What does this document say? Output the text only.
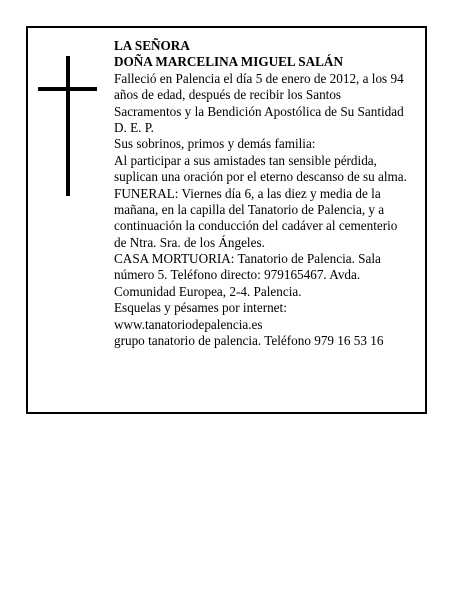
LA SEÑORA
DOÑA MARCELINA MIGUEL SALÁN
Falleció en Palencia el día 5 de enero de 2012, a los 94
años de edad, después de recibir los Santos
Sacramentos y la Bendición Apostólica de Su Santidad
D. E. P.
Sus sobrinos, primos y demás familia:
Al participar a sus amistades tan sensible pérdida,
suplican una oración por el eterno descanso de su alma.
FUNERAL: Viernes día 6, a las diez y media de la
mañana, en la capilla del Tanatorio de Palencia, y a
continuación la conducción del cadáver al cementerio
de Ntra. Sra. de los Ángeles.
CASA MORTUORIA: Tanatorio de Palencia. Sala
número 5. Teléfono directo: 979165467. Avda.
Comunidad Europea, 2-4. Palencia.
Esquelas y pésames por internet:
www.tanatoriodepalencia.es
grupo tanatorio de palencia. Teléfono 979 16 53 16
